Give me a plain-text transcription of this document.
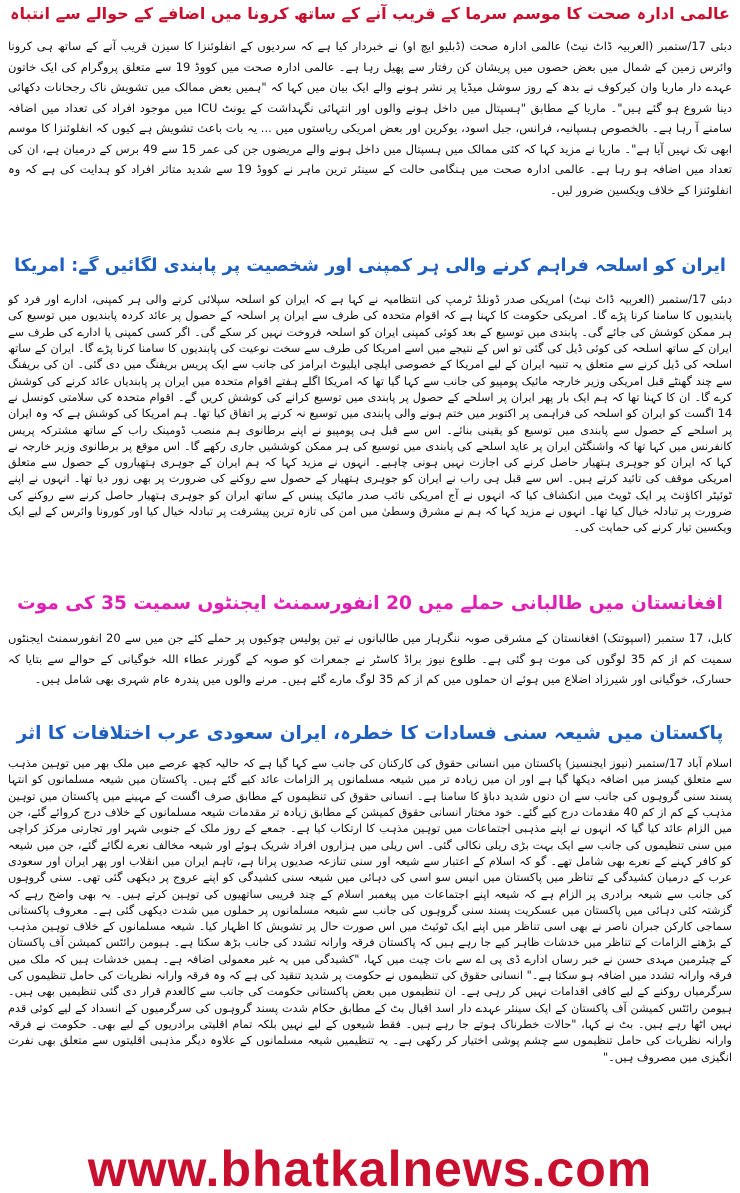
عالمی ادارہ صحت کا موسم سرما کے قریب آنے کے ساتھ کرونا میں اضافے کے حوالے سے انتباہ

دبئی 17/ستمبر (العربیہ ڈاٹ نیٹ) عالمی ادارہ صحت (ڈبلیو ایچ او) نے خبردار کیا ہے کہ سردیوں کے انفلوئنزا کا سیزن قریب آنے کے ساتھ ہی کرونا وائرس زمین کے شمال میں بعض حصوں میں پریشان کن رفتار سے پھیل رہا ہے۔ عالمی ادارہ صحت میں کووڈ 19 سے متعلق پروگرام کی ایک خاتون عہدے دار ماریا وان کیرکوف نے بدھ کے روز سوشل میڈیا پر نشر ہونے والے ایک بیان میں کہا کہ "ہمیں بعض ممالک میں تشویش ناک رجحانات دکھائی دینا شروع ہو گئے ہیں"۔ ماریا کے مطابق "ہسپتال میں داخل ہونے والوں اور انتہائی نگہداشت کے یونٹ ICU میں موجود افراد کی تعداد میں اضافہ سامنے آ رہا ہے۔ بالخصوص ہسپانیہ، فرانس، جبل اسود، یوکرین اور بعض امریکی ریاستوں میں ... یہ بات باعث تشویش ہے کیوں کہ انفلوئنزا کا موسم ابھی تک نہیں آیا ہے"۔ ماریا نے مزید کہا کہ کئی ممالک میں ہسپتال میں داخل ہونے والے مریضوں جن کی عمر 15 سے 49 برس کے درمیان ہے، ان کی تعداد میں اضافہ ہو رہا ہے۔ عالمی ادارہ صحت میں ہنگامی حالت کے سینئر ترین ماہر نے کووڈ 19 سے شدید متاثر افراد کو ہدایت کی ہے کہ وہ انفلوئنزا کے خلاف ویکسین ضرور لیں۔

ایران کو اسلحہ فراہم کرنے والی ہر کمپنی اور شخصیت پر پابندی لگائیں گے: امریکا

دبئی 17/ستمبر (العربیہ ڈاٹ نیٹ) امریکی صدر ڈونلڈ ٹرمپ کی انتظامیہ نے کہا ہے کہ ایران کو اسلحہ سپلائی کرنے والی ہر کمپنی، ادارے اور فرد کو پابندیوں کا سامنا کرنا پڑے گا۔ امریکی حکومت کا کہنا ہے کہ اقوام متحدہ کی طرف سے ایران پر اسلحہ کے حصول پر عائد کردہ پابندیوں میں توسیع کی ہر ممکن کوشش کی جائے گی۔ پابندی میں توسیع کے بعد کوئی کمپنی ایران کو اسلحہ فروخت نہیں کر سکے گی۔ اگر کسی کمپنی یا ادارے کی طرف سے ایران کے ساتھ اسلحہ کی کوئی ڈیل کی گئی تو اس کے نتیجے میں اسے امریکا کی طرف سے سخت نوعیت کی پابندیوں کا سامنا کرنا پڑے گا۔ ایران کے ساتھ اسلحہ کی ڈیل کرنے سے متعلق یہ تنبیہ ایران کے لیے امریکا کے خصوصی ایلچی ایلیوٹ ابرامز کی جانب سے ایک پریس بریفنگ میں دی گئی۔ ان کی بریفنگ سے چند گھنٹے قبل امریکی وزیر خارجہ مائیک پومپیو کی جانب سے کہا گیا تھا کہ امریکا اگلے ہفتے اقوام متحدہ میں ایران پر پابندیاں عائد کرنے کی کوشش کرے گا۔ ان کا کہنا تھا کہ ہم ایک بار پھر ایران پر اسلحے کے حصول پر پابندی میں توسیع کرانے کی کوشش کریں گے۔ اقوام متحدہ کی سلامتی کونسل نے 14 اگست کو ایران کو اسلحہ کی فراہمی پر اکتوبر میں ختم ہونے والی پابندی میں توسیع نہ کرنے پر اتفاق کیا تھا۔ ہم امریکا کی کوشش ہے کہ وہ ایران پر اسلحے کے حصول سے پابندی میں توسیع کو یقینی بنائے۔ اس سے قبل ہی پومپیو نے اپنے برطانوی ہم منصب ڈومینک راب کے ساتھ مشترکہ پریس کانفرنس میں کہا تھا کہ واشنگٹن ایران پر عاید اسلحے کی پابندی میں توسیع کی ہر ممکن کوششیں جاری رکھے گا۔ اس موقع پر برطانوی وزیر خارجہ نے کہا کہ ایران کو جوہری ہتھیار حاصل کرنے کی اجازت نہیں ہونی چاہیے۔ انہوں نے مزید کہا کہ ہم ایران کے جوہری ہتھیاروں کے حصول سے متعلق امریکی موقف کی تائید کرتے ہیں۔ اس سے قبل ہی راب نے ایران کو جوہری ہتھیار کے حصول سے روکنے کی ضرورت پر بھی زور دیا تھا۔ انہوں نے اپنے ٹوئیٹر اکاؤنٹ پر ایک ٹویٹ میں انکشاف کیا کہ انہوں نے آج امریکی نائب صدر مائیک پینس کے ساتھ ایران کو جوہری ہتھیار حاصل کرنے سے روکنے کی ضرورت پر تبادلہ خیال کیا تھا۔ انہوں نے مزید کہا کہ ہم نے مشرق وسطیٰ میں امن کی تازہ ترین پیشرفت پر تبادلہ خیال کیا اور کورونا وائرس کے لیے ایک ویکسین تیار کرنے کی حمایت کی۔

افغانستان میں طالبانی حملے میں 20 انفورسمنٹ ایجنٹوں سمیت 35 کی موت

کابل، 17 ستمبر (اسپوتنک) افغانستان کے مشرقی صوبہ ننگرہار میں طالبانوں نے تین پولیس چوکیوں پر حملے کئے جن میں سے 20 انفورسمنٹ ایجنٹوں سمیت کم از کم 35 لوگوں کی موت ہو گئی ہے۔ طلوع نیوز براڈ کاسٹر نے جمعرات کو صوبہ کے گورنر عطاء اللہ خوگیانی کے حوالے سے بتایا کہ حسارک، خوگیانی اور شیرزاد اضلاع میں ہوئے ان حملوں میں کم از کم 35 لوگ مارے گئے ہیں۔ مرنے والوں میں پندرہ عام شہری بھی شامل ہیں۔

پاکستان میں شیعہ سنی فسادات کا خطرہ، ایران سعودی عرب اختلافات کا اثر

اسلام آباد 17/ستمبر (نیوز ایجنسیز) پاکستان میں انسانی حقوق کی کارکنان کی جانب سے کہا گیا ہے کہ حالیہ کچھ عرصے میں ملک بھر میں توہین مذہب سے متعلق کیسز میں اضافہ دیکھا گیا ہے اور ان میں زیادہ تر میں شیعہ مسلمانوں پر الزامات عائد کیے گئے ہیں۔ پاکستان میں شیعہ مسلمانوں کو انتہا پسند سنی گروہوں کی جانب سے ان دنوں شدید دباؤ کا سامنا ہے۔ انسانی حقوق کی تنظیموں کے مطابق صرف اگست کے مہینے میں پاکستان میں توہین مذہب کے کم از کم 40 مقدمات درج کیے گئے۔ خود مختار انسانی حقوق کمیشن کے مطابق زیادہ تر مقدمات شیعہ مسلمانوں کے خلاف درج کروائے گئے، جن میں الزام عائد کیا گیا کہ انہوں نے اپنے مذہبی اجتماعات میں توہین مذہب کا ارتکاب کیا ہے۔ جمعے کے روز ملک کے جنوبی شہر اور تجارتی مرکز کراچی میں سنی تنظیموں کی جانب سے ایک بہت بڑی ریلی نکالی گئی۔ اس ریلی میں ہزاروں افراد شریک ہوئے اور شیعہ مخالف نعرے لگائے گئے، جن میں شیعہ کو کافر کہنے کے نعرے بھی شامل تھے۔ گو کہ اسلام کے اعتبار سے شیعہ اور سنی تنازعہ صدیوں پرانا ہے، تاہم ایران میں انقلاب اور پھر ایران اور سعودی عرب کے درمیان کشیدگی کے تناظر میں پاکستان میں انیس سو اسی کی دہائی میں شیعہ سنی کشیدگی کو اپنے عروج پر دیکھی گئی تھی۔ سنی گروہوں کی جانب سے شیعہ برادری پر الزام ہے کہ شیعہ اپنے اجتماعات میں پیغمبر اسلام کے چند قریبی ساتھیوں کی توہین کرتے ہیں۔ یہ بھی واضح رہے کہ گزشتہ کئی دہائی میں پاکستان میں عسکریت پسند سنی گروہوں کی جانب سے شیعہ مسلمانوں پر حملوں میں شدت دیکھی گئی ہے۔ معروف پاکستانی سماجی کارکن جبران ناصر نے بھی اسی تناظر میں اپنے ایک ٹوئیٹ میں اس صورت حال پر تشویش کا اظہار کیا۔ شیعہ مسلمانوں کے خلاف توہین مذہب کے بڑھتے الزامات کے تناظر میں خدشات ظاہر کیے جا رہے ہیں کہ پاکستان فرقہ وارانہ تشدد کی جانب بڑھ سکتا ہے۔ ہیومن رائٹس کمیشن آف پاکستان کے چیئرمین مہدی حسن نے خبر رساں ادارے ڈی پی اے سے بات چیت میں کہا، "کشیدگی میں یہ غیر معمولی اضافہ ہے۔ ہمیں خدشات ہیں کہ ملک میں فرقہ وارانہ تشدد میں اضافہ ہو سکتا ہے۔" انسانی حقوق کی تنظیموں نے حکومت پر شدید تنقید کی ہے کہ وہ فرقہ وارانہ نظریات کی حامل تنظیموں کی سرگرمیاں روکنے کے لیے کافی اقدامات نہیں کر رہی ہے۔ ان تنظیموں میں بعض پاکستانی حکومت کی جانب سے کالعدم قرار دی گئی تنظیمیں بھی ہیں۔ ہیومن رائٹس کمیشن آف پاکستان کے ایک سینئر عہدے دار اسد اقبال بٹ کے مطابق حکام شدت پسند گروہوں کی سرگرمیوں کے انسداد کے لیے کوئی قدم نہیں اٹھا رہے ہیں۔ بٹ نے کہا، "حالات خطرناک ہوتے جا رہے ہیں۔ فقط شیعوں کے لیے نہیں بلکہ تمام اقلیتی برادریوں کے لیے بھی۔ حکومت نے فرقہ وارانہ نظریات کی حامل تنظیموں سے چشم پوشی اختیار کر رکھی ہے۔ یہ تنظیمیں شیعہ مسلمانوں کے علاوہ دیگر مذہبی اقلیتوں سے متعلق بھی نفرت انگیزی میں مصروف ہیں۔"

www.bhatkalnews.com
